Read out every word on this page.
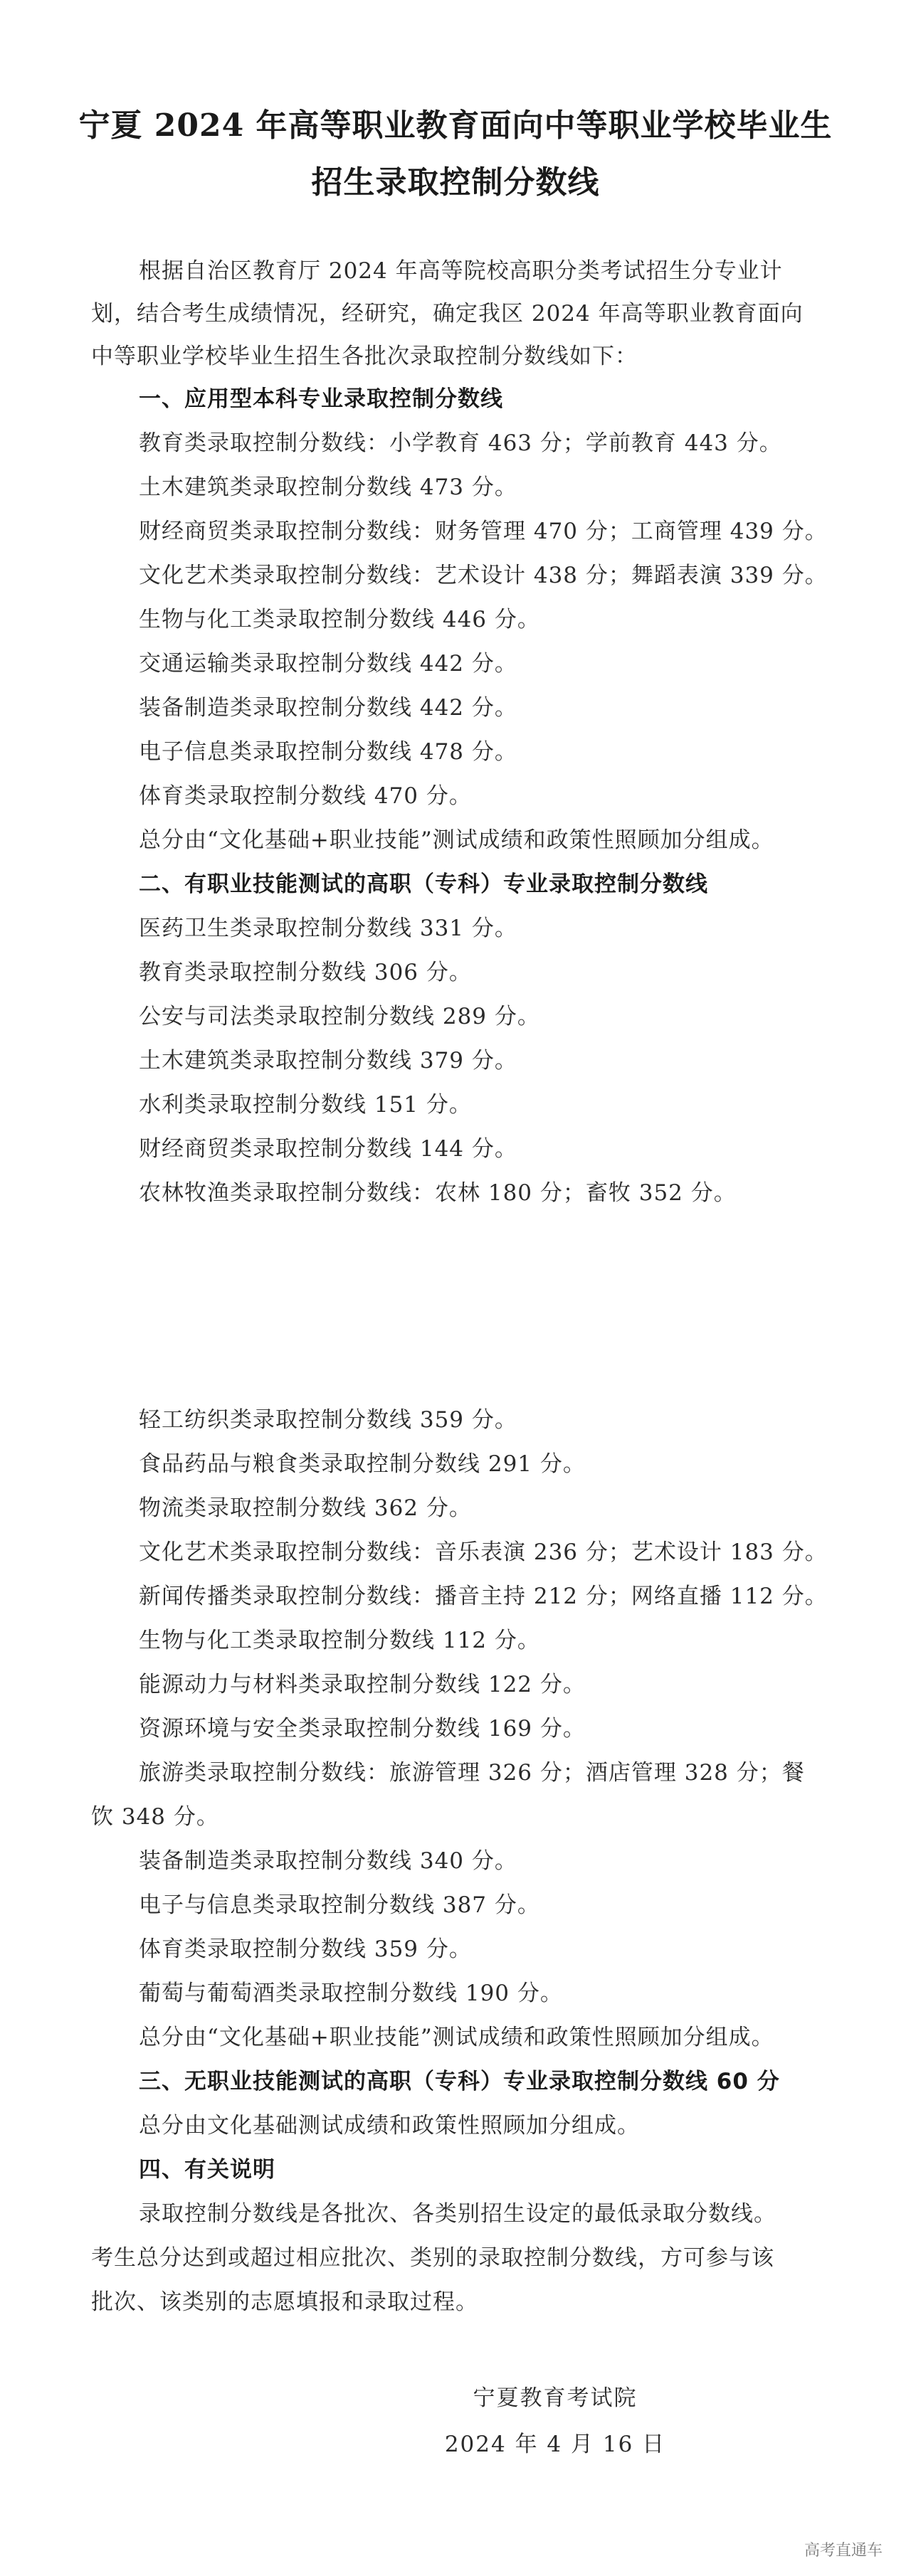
宁夏 2024 年高等职业教育面向中等职业学校毕业生
招生录取控制分数线
根据自治区教育厅 2024 年高等院校高职分类考试招生分专业计
划，结合考生成绩情况，经研究，确定我区 2024 年高等职业教育面向
中等职业学校毕业生招生各批次录取控制分数线如下：
一、应用型本科专业录取控制分数线
教育类录取控制分数线：小学教育 463 分；学前教育 443 分。
土木建筑类录取控制分数线 473 分。
财经商贸类录取控制分数线：财务管理 470 分；工商管理 439 分。
文化艺术类录取控制分数线：艺术设计 438 分；舞蹈表演 339 分。
生物与化工类录取控制分数线 446 分。
交通运输类录取控制分数线 442 分。
装备制造类录取控制分数线 442 分。
电子信息类录取控制分数线 478 分。
体育类录取控制分数线 470 分。
总分由“文化基础+职业技能”测试成绩和政策性照顾加分组成。
二、有职业技能测试的高职（专科）专业录取控制分数线
医药卫生类录取控制分数线 331 分。
教育类录取控制分数线 306 分。
公安与司法类录取控制分数线 289 分。
土木建筑类录取控制分数线 379 分。
水利类录取控制分数线 151 分。
财经商贸类录取控制分数线 144 分。
农林牧渔类录取控制分数线：农林 180 分；畜牧 352 分。
轻工纺织类录取控制分数线 359 分。
食品药品与粮食类录取控制分数线 291 分。
物流类录取控制分数线 362 分。
文化艺术类录取控制分数线：音乐表演 236 分；艺术设计 183 分。
新闻传播类录取控制分数线：播音主持 212 分；网络直播 112 分。
生物与化工类录取控制分数线 112 分。
能源动力与材料类录取控制分数线 122 分。
资源环境与安全类录取控制分数线 169 分。
旅游类录取控制分数线：旅游管理 326 分；酒店管理 328 分；餐
饮 348 分。
装备制造类录取控制分数线 340 分。
电子与信息类录取控制分数线 387 分。
体育类录取控制分数线 359 分。
葡萄与葡萄酒类录取控制分数线 190 分。
总分由“文化基础+职业技能”测试成绩和政策性照顾加分组成。
三、无职业技能测试的高职（专科）专业录取控制分数线 60 分
总分由文化基础测试成绩和政策性照顾加分组成。
四、有关说明
录取控制分数线是各批次、各类别招生设定的最低录取分数线。
考生总分达到或超过相应批次、类别的录取控制分数线，方可参与该
批次、该类别的志愿填报和录取过程。
宁夏教育考试院
2024 年 4 月 16 日
高考直通车
